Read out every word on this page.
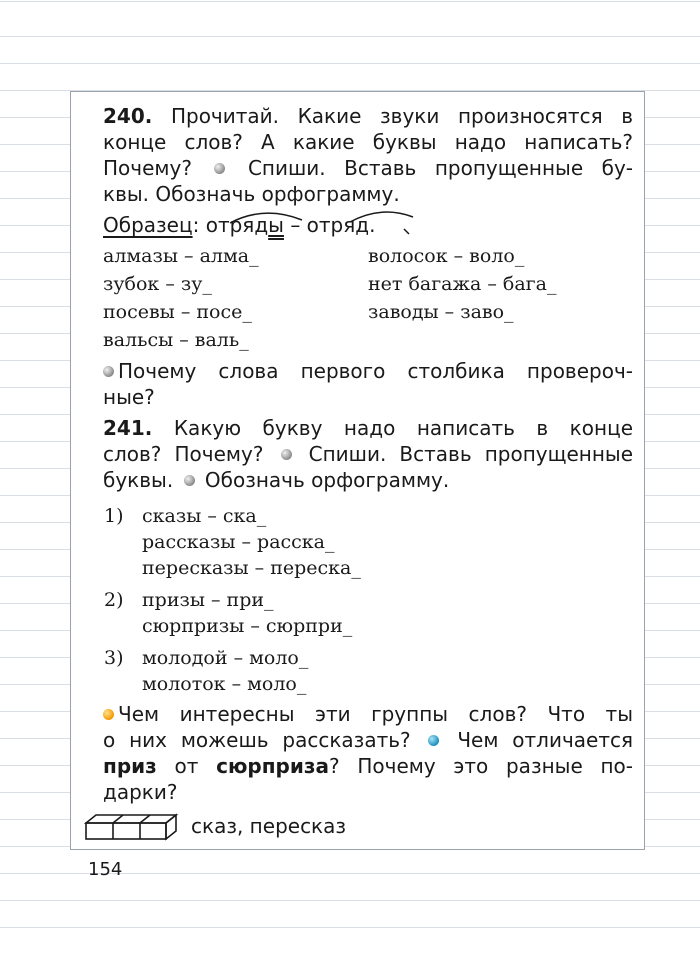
240. Прочитай. Какие звуки произносятся в
конце слов? А какие буквы надо написать?
Почему?	Спиши. Вставь пропущенные бу-
квы. Обозначь орфограмму.
Образец: отряды – отряд.
алмазы – алма_
зубок – зу_
посевы – посе_
вальсы – валь_
волосок – воло_
нет багажа – бага_
заводы – заво_
Почему слова первого столбика провероч-
ные?
241. Какую букву надо написать в конце
слов? Почему? Спиши. Вставь пропущенные
буквы. Обозначь орфограмму.
1) сказы – ска_
рассказы – расска_
пересказы – переска_
2) призы – при_
сюрпризы – сюрпри_
3) молодой – моло_
молоток – моло_
Чем интересны эти группы слов? Что ты
о них можешь рассказать? Чем отличается
приз от сюрприза? Почему это разные по-
дарки?
сказ, пересказ
154
